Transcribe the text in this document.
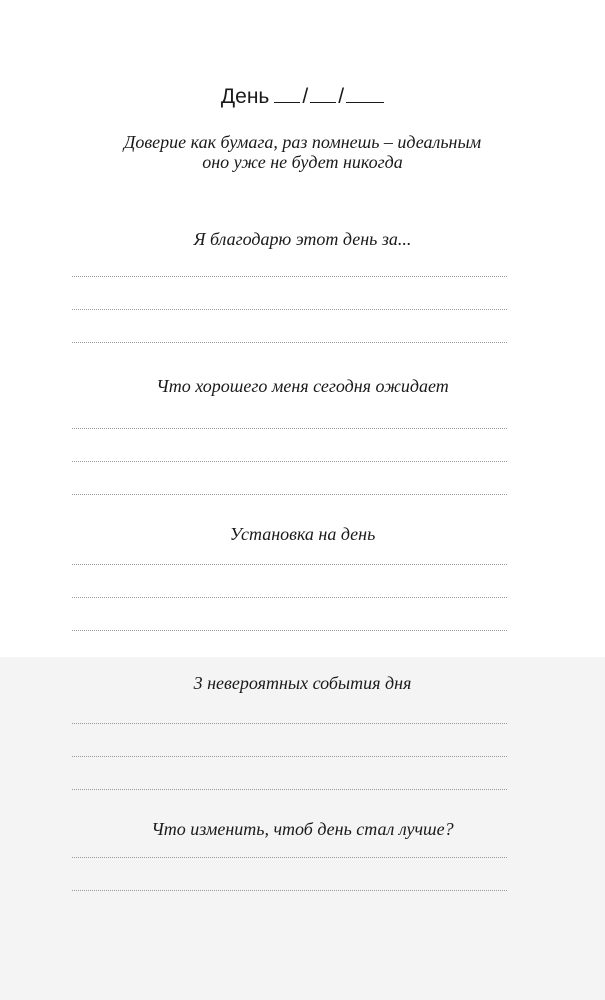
День / /
Доверие как бумага, раз помнешь – идеальным
оно уже не будет никогда
Я благодарю этот день за...
Что хорошего меня сегодня ожидает
Установка на день
3 невероятных события дня
Что изменить, чтоб день стал лучше?
